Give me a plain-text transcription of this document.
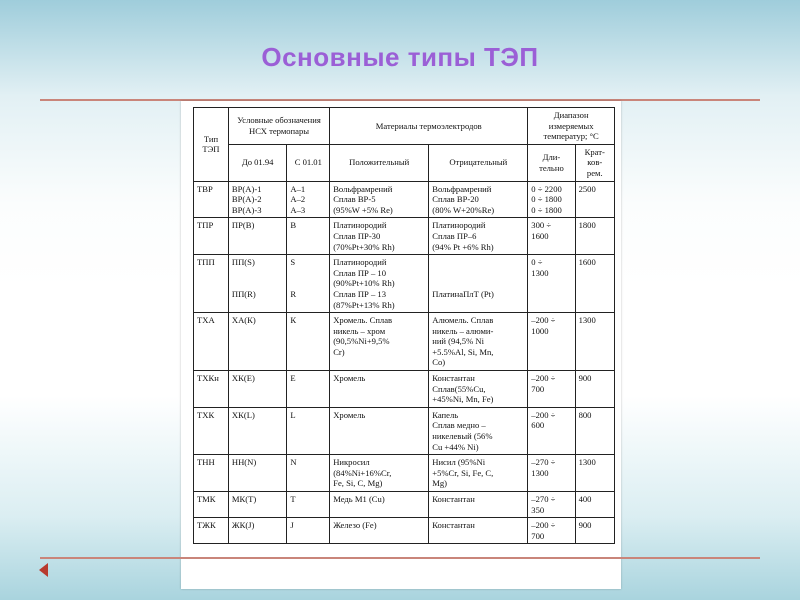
Основные типы ТЭП
Тип ТЭП	Условные обозначения НСХ термопары		Материалы термоэлектродов		Диапазон измеряемых температур; °С	
	До 01.94	С 01.01	Положительный	Отрицательный	Дли- тельно	Крат- ков- рем.
ТВР	ВР(А)-1
ВР(А)-2
ВР(А)-3	А–1
А–2
А–3	Вольфрамрений
Сплав ВР-5
(95%W +5% Re)	Вольфрамрений
Сплав ВР-20
(80% W+20%Re)	0 ÷ 2200
0 ÷ 1800
0 ÷ 1800	2500
ТПР	ПР(В)	В	Платинородий
Сплав ПР-30
(70%Pt+30% Rh)	Платинородий
Сплав ПР–6
(94% Pt +6% Rh)	300 ÷
1600	1800
ТПП	ПП(S)

ПП(R)	S

R	Платинородий
Сплав ПР – 10
(90%Pt+10% Rh)
Сплав ПР – 13
(87%Pt+13% Rh)	

ПлатинаПлТ (Pt)	0 ÷
1300	1600
ТХА	ХА(К)	К	Хромель. Сплав
никель – хром
(90,5%Ni+9,5%
Cr)	Алюмель. Сплав
никель – алюми-
ний (94,5% Ni
+5.5%Al, Si, Mn,
Co)	–200 ÷
1000	1300
ТХКн	ХК(Е)	Е	Хромель	Константан
Сплав(55%Cu,
+45%Ni, Mn, Fe)	–200 ÷
700	900
ТХК	ХК(L)	L	Хромель	Капель
Сплав медно –
никелевый (56%
Cu +44% Ni)	–200 ÷
600	800
ТНН	НН(N)	N	Никросил
(84%Ni+16%Cr,
Fe, Si, C, Mg)	Нисил (95%Ni
+5%Cr, Si, Fe, C,
Mg)	–270 ÷
1300	1300
ТМК	МК(Т)	Т	Медь М1 (Cu)	Константан	–270 ÷
350	400
ТЖК	ЖК(J)	J	Железо (Fe)	Константан	–200 ÷
700	900
